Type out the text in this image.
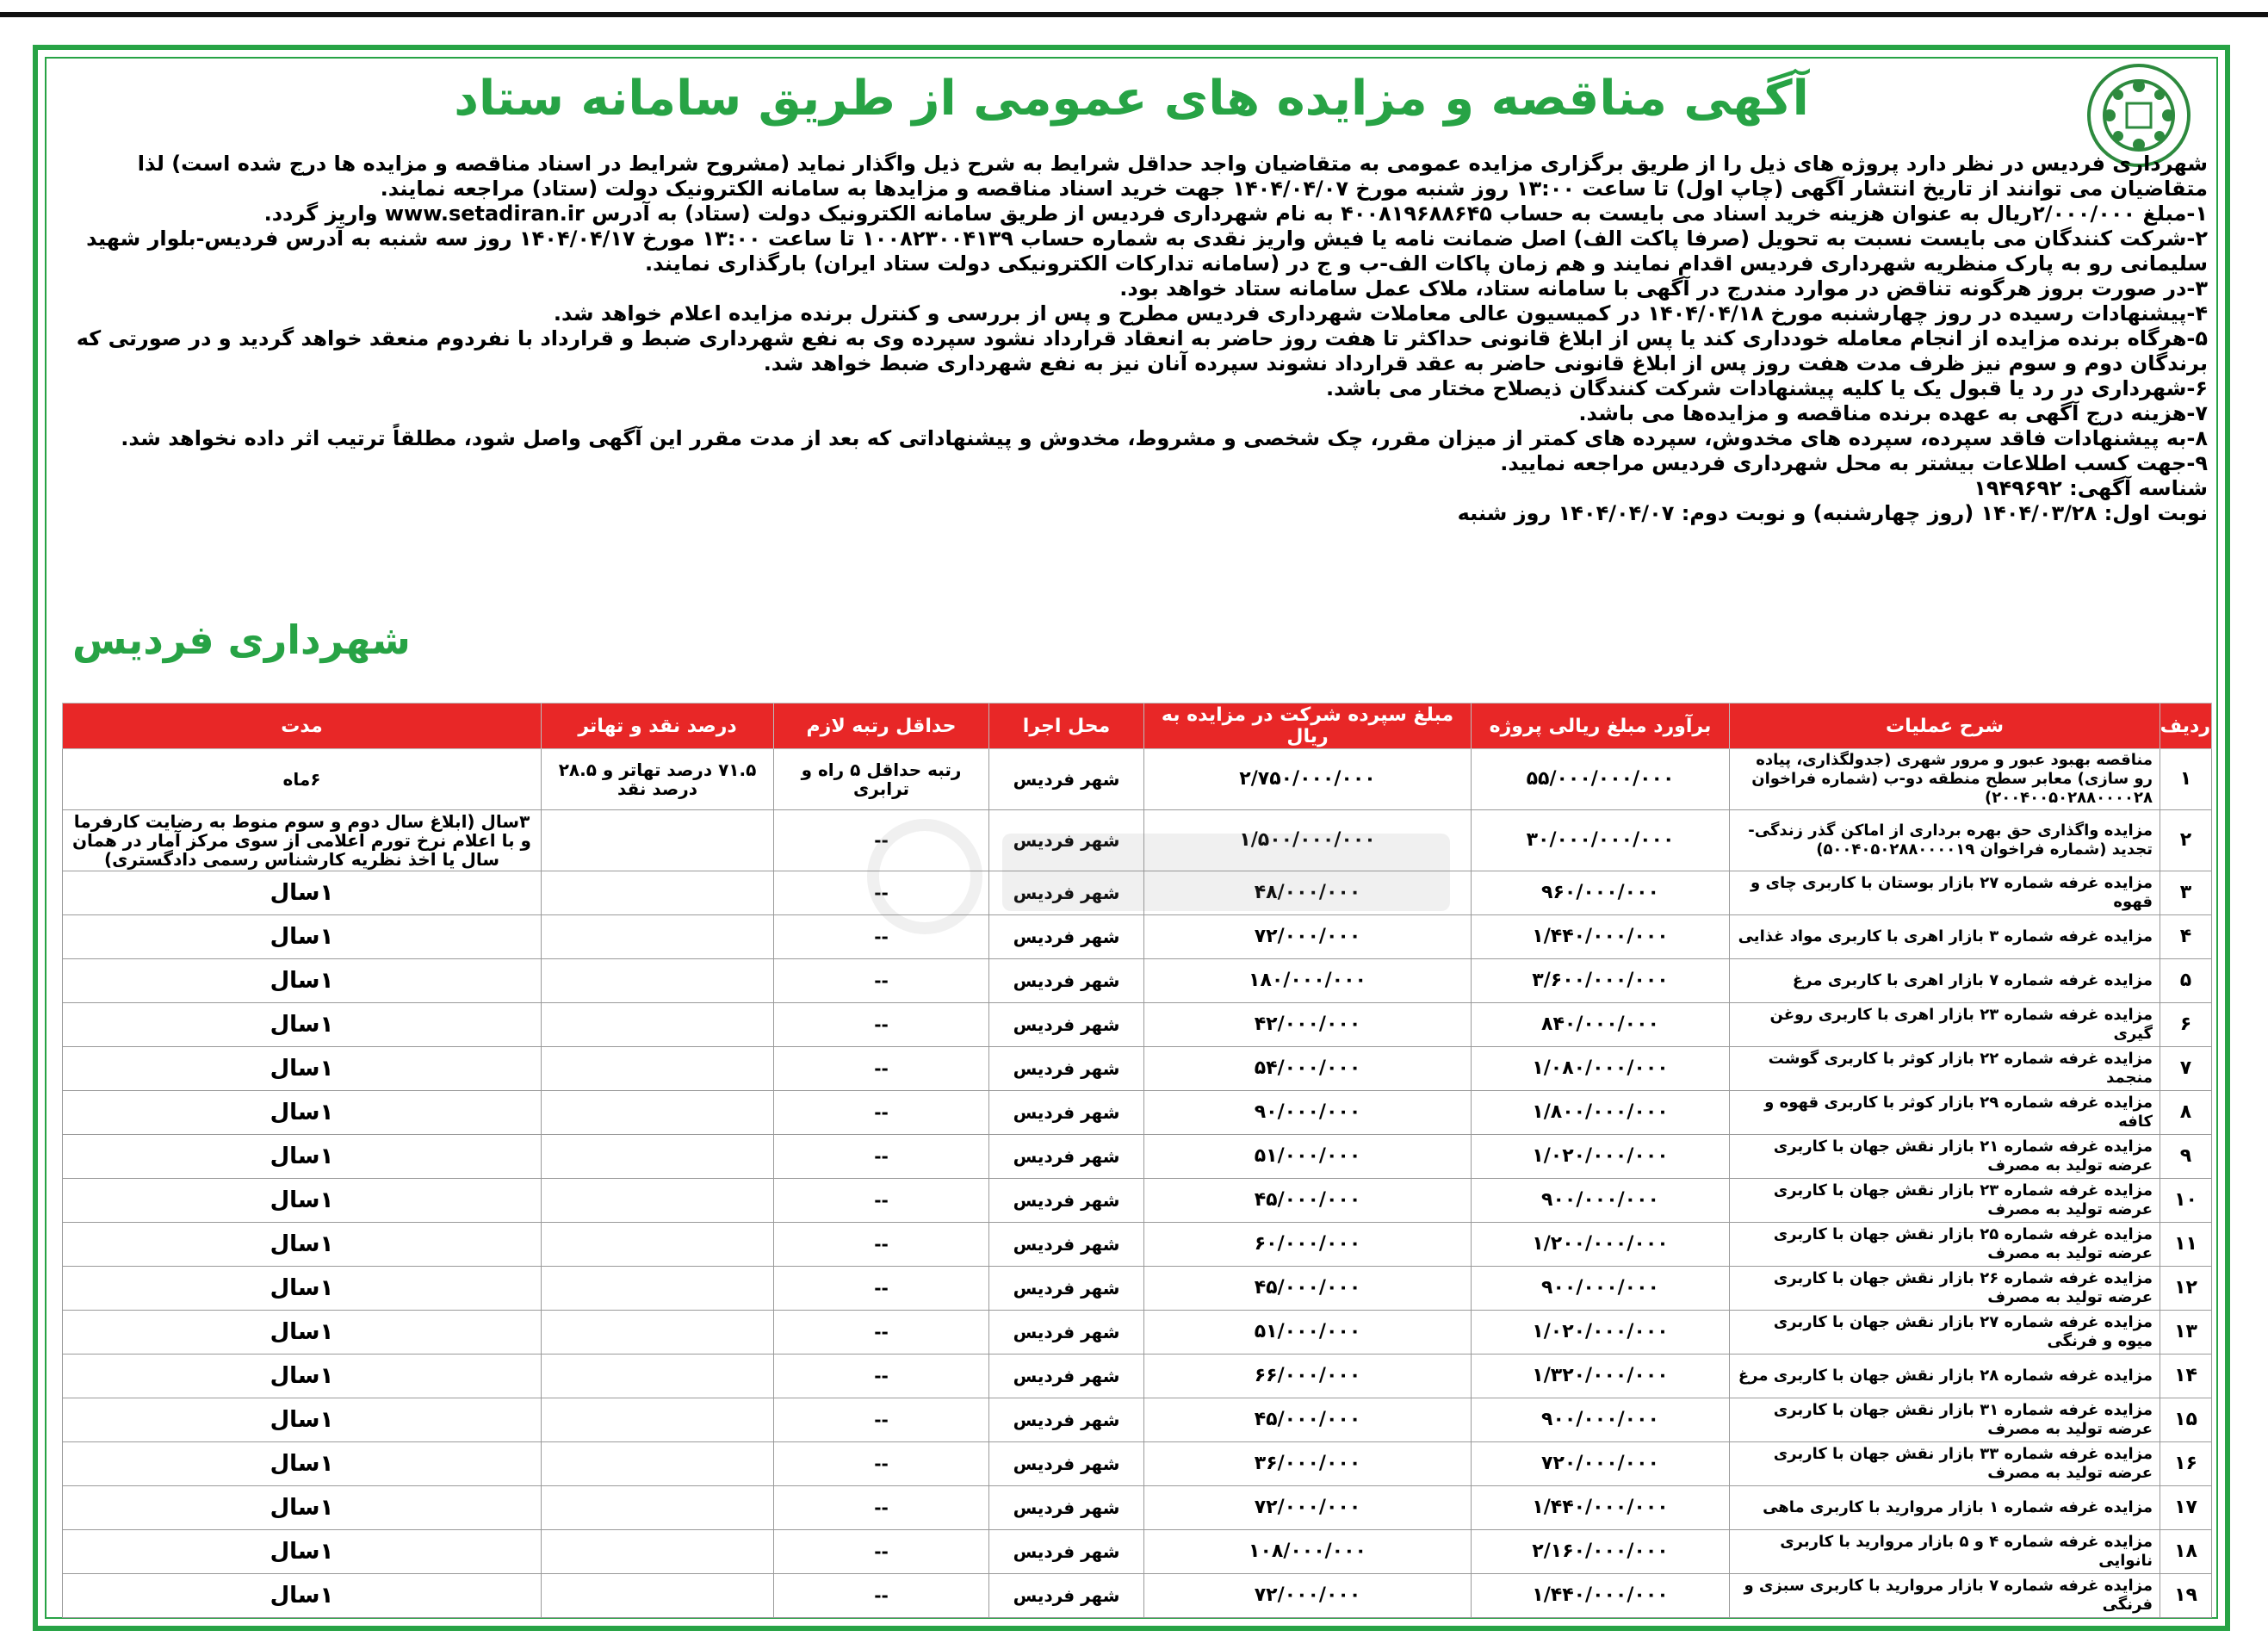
آگهی مناقصه و مزایده های عمومی از طریق سامانه ستاد

شهرداری فردیس در نظر دارد پروژه های ذیل را از طریق برگزاری مزایده عمومی به متقاضیان واجد حداقل شرایط به شرح ذیل واگذار نماید (مشروح شرایط در اسناد مناقصه و مزایده ها درج شده است) لذا متقاضیان می توانند از تاریخ انتشار آگهی (چاپ اول) تا ساعت ۱۳:۰۰ روز شنبه مورخ ۱۴۰۴/۰۴/۰۷ جهت خرید اسناد مناقصه و مزایدها به سامانه الکترونیک دولت (ستاد) مراجعه نمایند.

۱-مبلغ ۲/۰۰۰/۰۰۰ریال به عنوان هزینه خرید اسناد می بایست به حساب ۴۰۰۸۱۹۶۸۸۶۴۵ به نام شهرداری فردیس از طریق سامانه الکترونیک دولت (ستاد) به آدرس www.setadiran.ir واریز گردد.

۲-شرکت کنندگان می بایست نسبت به تحویل (صرفا پاکت الف) اصل ضمانت نامه یا فیش واریز نقدی به شماره حساب ۱۰۰۸۲۳۰۰۴۱۳۹ تا ساعت ۱۳:۰۰ مورخ ۱۴۰۴/۰۴/۱۷ روز سه شنبه به آدرس فردیس-بلوار شهید سلیمانی رو به پارک منظریه شهرداری فردیس اقدام نمایند و هم زمان پاکات الف-ب و ج در (سامانه تدارکات الکترونیکی دولت ستاد ایران) بارگذاری نمایند.

۳-در صورت بروز هرگونه تناقض در موارد مندرج در آگهی با سامانه ستاد، ملاک عمل سامانه ستاد خواهد بود.

۴-پیشنهادات رسیده در روز چهارشنبه مورخ ۱۴۰۴/۰۴/۱۸ در کمیسیون عالی معاملات شهرداری فردیس مطرح و پس از بررسی و کنترل برنده مزایده اعلام خواهد شد.

۵-هرگاه برنده مزایده از انجام معامله خودداری کند یا پس از ابلاغ قانونی حداکثر تا هفت روز حاضر به انعقاد قرارداد نشود سپرده وی به نفع شهرداری ضبط و قرارداد با نفردوم منعقد خواهد گردید و در صورتی که برندگان دوم و سوم نیز ظرف مدت هفت روز پس از ابلاغ قانونی حاضر به عقد قرارداد نشوند سپرده آنان نیز به نفع شهرداری ضبط خواهد شد.

۶-شهرداری در رد یا قبول یک یا کلیه پیشنهادات شرکت کنندگان ذیصلاح مختار می باشد.

۷-هزینه درج آگهی به عهده برنده مناقصه و مزایده‌ها می باشد.

۸-به پیشنهادات فاقد سپرده، سپرده های مخدوش، سپرده های کمتر از میزان مقرر، چک شخصی و مشروط، مخدوش و پیشنهاداتی که بعد از مدت مقرر این آگهی واصل شود، مطلقاً ترتیب اثر داده نخواهد شد.

۹-جهت کسب اطلاعات بیشتر به محل شهرداری فردیس مراجعه نمایید.

شناسه آگهی: ۱۹۴۹۶۹۲

نوبت اول: ۱۴۰۴/۰۳/۲۸ (روز چهارشنبه) و نوبت دوم: ۱۴۰۴/۰۴/۰۷ روز شنبه

شهرداری فردیس
ردیف	شرح عملیات	برآورد مبلغ ریالی پروژه	مبلغ سپرده شرکت در مزایده به ریال	محل اجرا	حداقل رتبه لازم	درصد نقد و تهاتر	مدت
۱	مناقصه بهبود عبور و مرور شهری (جدولگذاری، پیاده رو سازی) معابر سطح منطقه دو-ب (شماره فراخوان ۲۰۰۴۰۰۵۰۲۸۸۰۰۰۰۲۸)	۵۵/۰۰۰/۰۰۰/۰۰۰	۲/۷۵۰/۰۰۰/۰۰۰	شهر فردیس	رتبه حداقل ۵ راه و ترابری	۷۱.۵ درصد تهاتر و ۲۸.۵ درصد نقد	۶ماه
۲	مزایده واگذاری حق بهره برداری از اماکن گذر زندگی- تجدید (شماره فراخوان ۵۰۰۴۰۵۰۲۸۸۰۰۰۰۱۹)	۳۰/۰۰۰/۰۰۰/۰۰۰	۱/۵۰۰/۰۰۰/۰۰۰	شهر فردیس	--		۳سال (ابلاغ سال دوم و سوم منوط به رضایت کارفرما و با اعلام نرخ تورم اعلامی از سوی مرکز آمار در همان سال یا اخذ نظریه کارشناس رسمی دادگستری)
۳	مزایده غرفه شماره ۲۷ بازار بوستان با کاربری چای و قهوه	۹۶۰/۰۰۰/۰۰۰	۴۸/۰۰۰/۰۰۰	شهر فردیس	--		۱سال
۴	مزایده غرفه شماره ۳ بازار اهری با کاربری مواد غذایی	۱/۴۴۰/۰۰۰/۰۰۰	۷۲/۰۰۰/۰۰۰	شهر فردیس	--		۱سال
۵	مزایده غرفه شماره ۷ بازار اهری با کاربری مرغ	۳/۶۰۰/۰۰۰/۰۰۰	۱۸۰/۰۰۰/۰۰۰	شهر فردیس	--		۱سال
۶	مزایده غرفه شماره ۲۳ بازار اهری با کاربری روغن گیری	۸۴۰/۰۰۰/۰۰۰	۴۲/۰۰۰/۰۰۰	شهر فردیس	--		۱سال
۷	مزایده غرفه شماره ۲۲ بازار کوثر با کاربری گوشت منجمد	۱/۰۸۰/۰۰۰/۰۰۰	۵۴/۰۰۰/۰۰۰	شهر فردیس	--		۱سال
۸	مزایده غرفه شماره ۲۹ بازار کوثر با کاربری قهوه و کافه	۱/۸۰۰/۰۰۰/۰۰۰	۹۰/۰۰۰/۰۰۰	شهر فردیس	--		۱سال
۹	مزایده غرفه شماره ۲۱ بازار نقش جهان با کاربری عرضه تولید به مصرف	۱/۰۲۰/۰۰۰/۰۰۰	۵۱/۰۰۰/۰۰۰	شهر فردیس	--		۱سال
۱۰	مزایده غرفه شماره ۲۳ بازار نقش جهان با کاربری عرضه تولید به مصرف	۹۰۰/۰۰۰/۰۰۰	۴۵/۰۰۰/۰۰۰	شهر فردیس	--		۱سال
۱۱	مزایده غرفه شماره ۲۵ بازار نقش جهان با کاربری عرضه تولید به مصرف	۱/۲۰۰/۰۰۰/۰۰۰	۶۰/۰۰۰/۰۰۰	شهر فردیس	--		۱سال
۱۲	مزایده غرفه شماره ۲۶ بازار نقش جهان با کاربری عرضه تولید به مصرف	۹۰۰/۰۰۰/۰۰۰	۴۵/۰۰۰/۰۰۰	شهر فردیس	--		۱سال
۱۳	مزایده غرفه شماره ۲۷ بازار نقش جهان با کاربری میوه و فرنگی	۱/۰۲۰/۰۰۰/۰۰۰	۵۱/۰۰۰/۰۰۰	شهر فردیس	--		۱سال
۱۴	مزایده غرفه شماره ۲۸ بازار نقش جهان با کاربری مرغ	۱/۳۲۰/۰۰۰/۰۰۰	۶۶/۰۰۰/۰۰۰	شهر فردیس	--		۱سال
۱۵	مزایده غرفه شماره ۳۱ بازار نقش جهان با کاربری عرضه تولید به مصرف	۹۰۰/۰۰۰/۰۰۰	۴۵/۰۰۰/۰۰۰	شهر فردیس	--		۱سال
۱۶	مزایده غرفه شماره ۳۳ بازار نقش جهان با کاربری عرضه تولید به مصرف	۷۲۰/۰۰۰/۰۰۰	۳۶/۰۰۰/۰۰۰	شهر فردیس	--		۱سال
۱۷	مزایده غرفه شماره ۱ بازار مروارید با کاربری ماهی	۱/۴۴۰/۰۰۰/۰۰۰	۷۲/۰۰۰/۰۰۰	شهر فردیس	--		۱سال
۱۸	مزایده غرفه شماره ۴ و ۵ بازار مروارید با کاربری نانوایی	۲/۱۶۰/۰۰۰/۰۰۰	۱۰۸/۰۰۰/۰۰۰	شهر فردیس	--		۱سال
۱۹	مزایده غرفه شماره ۷ بازار مروارید با کاربری سبزی و فرنگی	۱/۴۴۰/۰۰۰/۰۰۰	۷۲/۰۰۰/۰۰۰	شهر فردیس	--		۱سال
